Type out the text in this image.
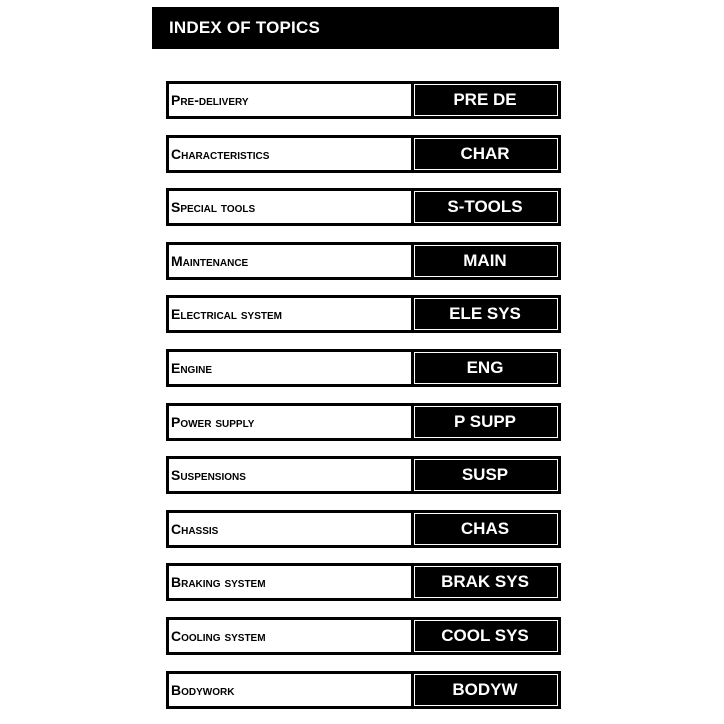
INDEX OF TOPICS
Pre-delivery	PRE DE
Characteristics	CHAR
Special tools	S-TOOLS
Maintenance	MAIN
Electrical system	ELE SYS
Engine	ENG
Power supply	P SUPP
Suspensions	SUSP
Chassis	CHAS
Braking system	BRAK SYS
Cooling system	COOL SYS
Bodywork	BODYW
